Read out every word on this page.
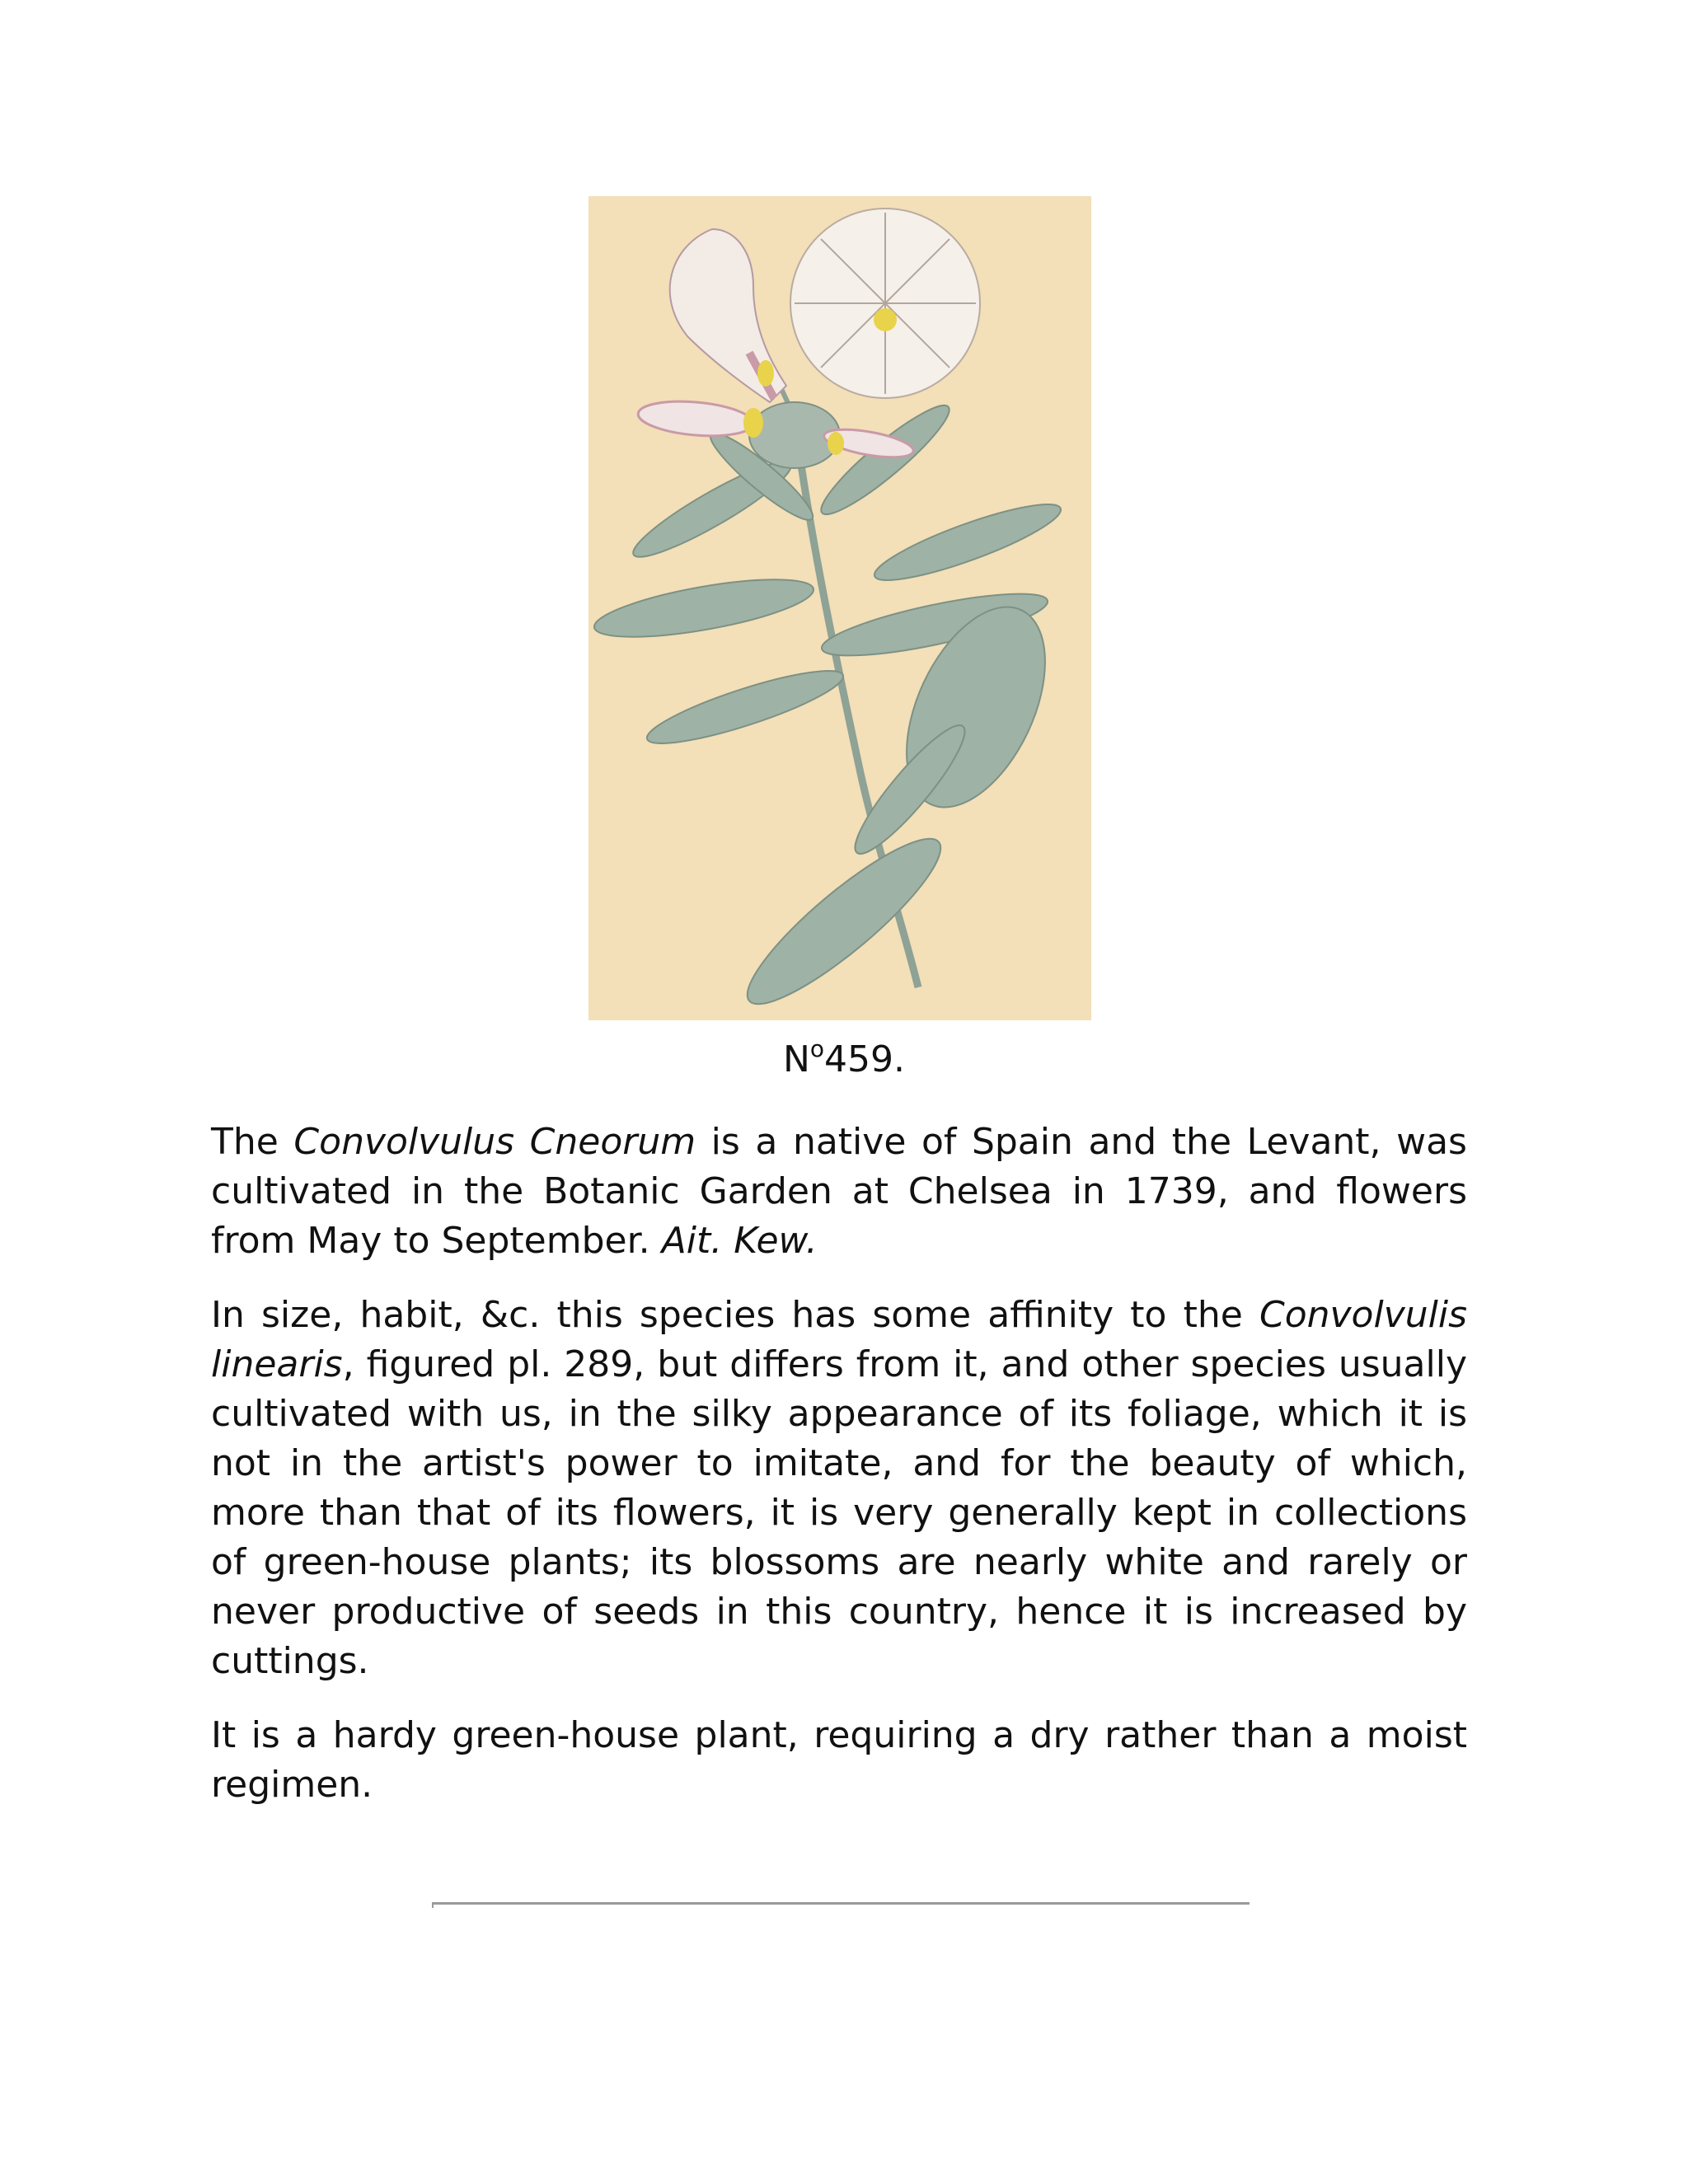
$N^o459$.

The Convolvulus Cneorum is a native of Spain and the Levant, was cultivated in the Botanic Garden at Chelsea in 1739, and flowers from May to September. Ait. Kew.

In size, habit, &c. this species has some affinity to the Convolvulis linearis, figured pl. 289, but differs from it, and other species usually cultivated with us, in the silky appearance of its foliage, which it is not in the artist's power to imitate, and for the beauty of which, more than that of its flowers, it is very generally kept in collections of green-house plants; its blossoms are nearly white and rarely or never productive of seeds in this country, hence it is increased by cuttings.

It is a hardy green-house plant, requiring a dry rather than a moist regimen.
